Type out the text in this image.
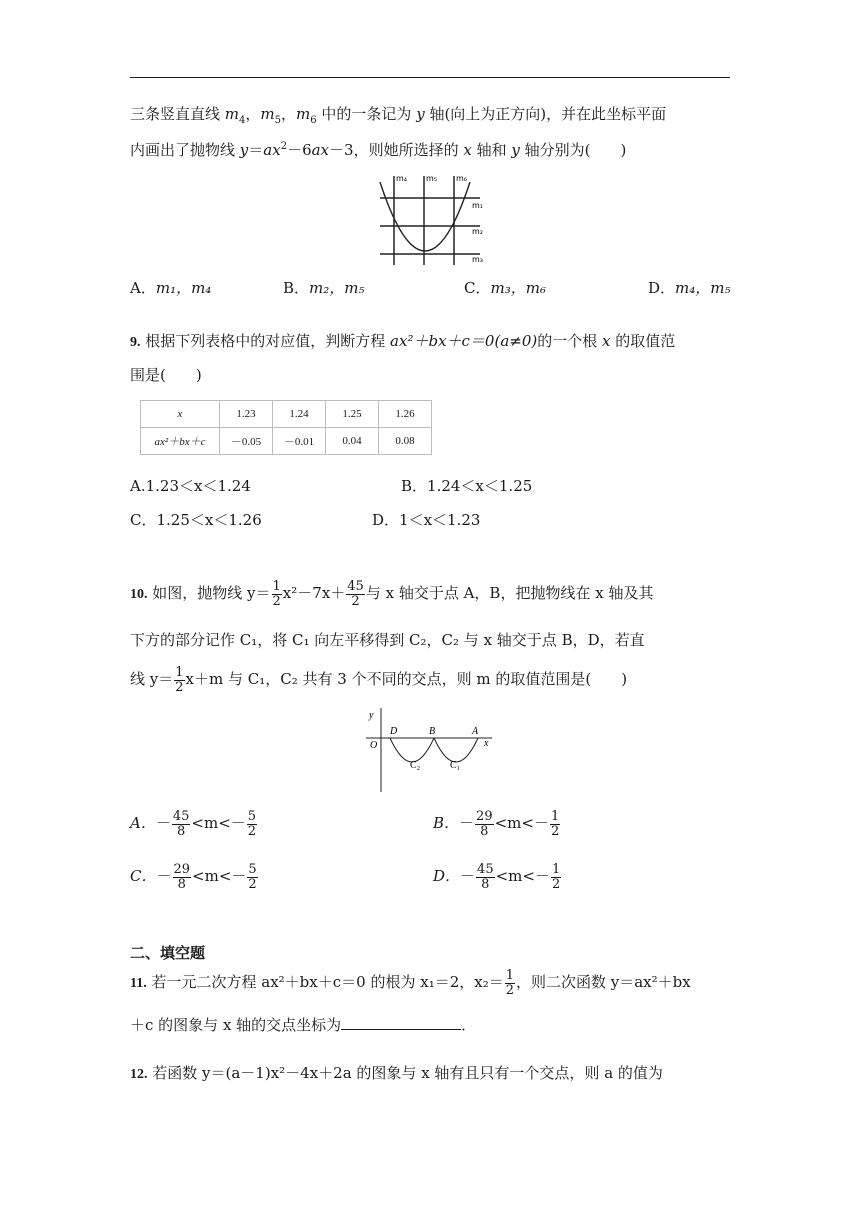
三条竖直直线 $m_4$，$m_5$，$m_6$ 中的一条记为 y 轴(向上为正方向)，并在此坐标平面
内画出了抛物线 $y=ax^2-6ax-3$，则她所选择的 x 轴和 y 轴分别为(　　)
m₄ m₅ m₆
m₁
m₂
m₃
A．m₁，m₄	B．m₂，m₅	C．m₃，m₆	D．m₄，m₅
9. 根据下列表格中的对应值，判断方程 ax²＋bx＋c＝0(a≠0)的一个根 x 的取值范
围是(　　)
x	1.23	1.24	1.25	1.26
ax²＋bx＋c	－0.05	－0.01	0.04	0.08
A.1.23＜x＜1.24	B．1.24＜x＜1.25
C．1.25＜x＜1.26	D．1＜x＜1.23
10. 如图，抛物线 $y= \frac{1}{2} x^2-7x+ \frac{45}{2}$ 与 x 轴交于点 A，B，把抛物线在 x 轴及其
下方的部分记作 C₁，将 C₁ 向左平移得到 C₂，C₂ 与 x 轴交于点 B，D，若直
线 $y= \frac{1}{2} x+m$ 与 C₁，C₂ 共有 3 个不同的交点，则 m 的取值范围是(　　)
y
x
O
D	B	A
C₂	C₁
A．－ $\frac{45}{8} <m<- \frac{5}{2}$	B．－ $\frac{29}{8} <m<- \frac{1}{2}$
C．－ $\frac{29}{8} <m<- \frac{5}{2}$	D．－ $\frac{45}{8} <m<- \frac{1}{2}$
二、填空题
11. 若一元二次方程 ax²＋bx＋c＝0 的根为 x₁＝2，$x_2= \frac{1}{2}$ ，则二次函数 y＝ax²＋bx
＋c 的图象与 x 轴的交点坐标为	．
12. 若函数 y＝(a－1)x²－4x＋2a 的图象与 x 轴有且只有一个交点，则 a 的值为
